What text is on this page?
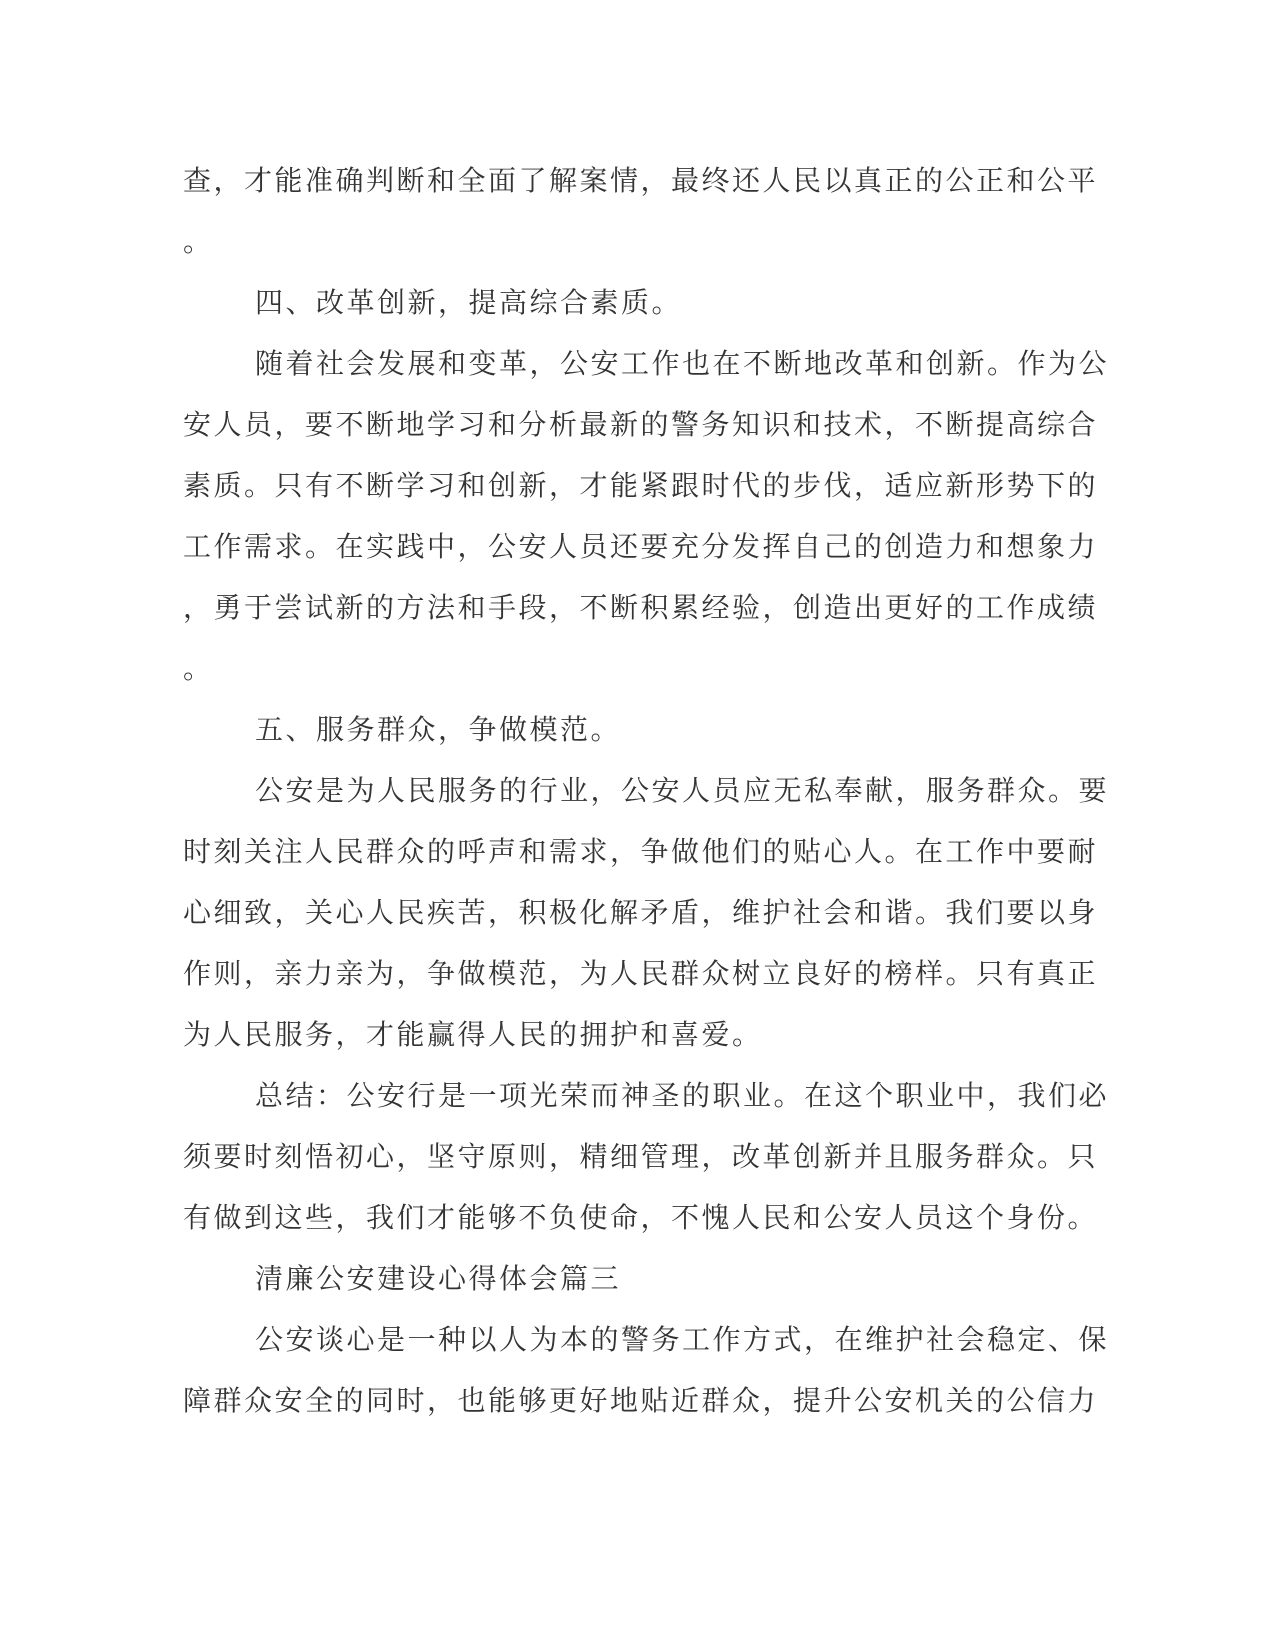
查，才能准确判断和全面了解案情，最终还人民以真正的公正和公平
。
四、改革创新，提高综合素质。
随着社会发展和变革，公安工作也在不断地改革和创新。作为公
安人员，要不断地学习和分析最新的警务知识和技术，不断提高综合
素质。只有不断学习和创新，才能紧跟时代的步伐，适应新形势下的
工作需求。在实践中，公安人员还要充分发挥自己的创造力和想象力
，勇于尝试新的方法和手段，不断积累经验，创造出更好的工作成绩
。
五、服务群众，争做模范。
公安是为人民服务的行业，公安人员应无私奉献，服务群众。要
时刻关注人民群众的呼声和需求，争做他们的贴心人。在工作中要耐
心细致，关心人民疾苦，积极化解矛盾，维护社会和谐。我们要以身
作则，亲力亲为，争做模范，为人民群众树立良好的榜样。只有真正
为人民服务，才能赢得人民的拥护和喜爱。
总结：公安行是一项光荣而神圣的职业。在这个职业中，我们必
须要时刻悟初心，坚守原则，精细管理，改革创新并且服务群众。只
有做到这些，我们才能够不负使命，不愧人民和公安人员这个身份。
清廉公安建设心得体会篇三
公安谈心是一种以人为本的警务工作方式，在维护社会稳定、保
障群众安全的同时，也能够更好地贴近群众，提升公安机关的公信力
